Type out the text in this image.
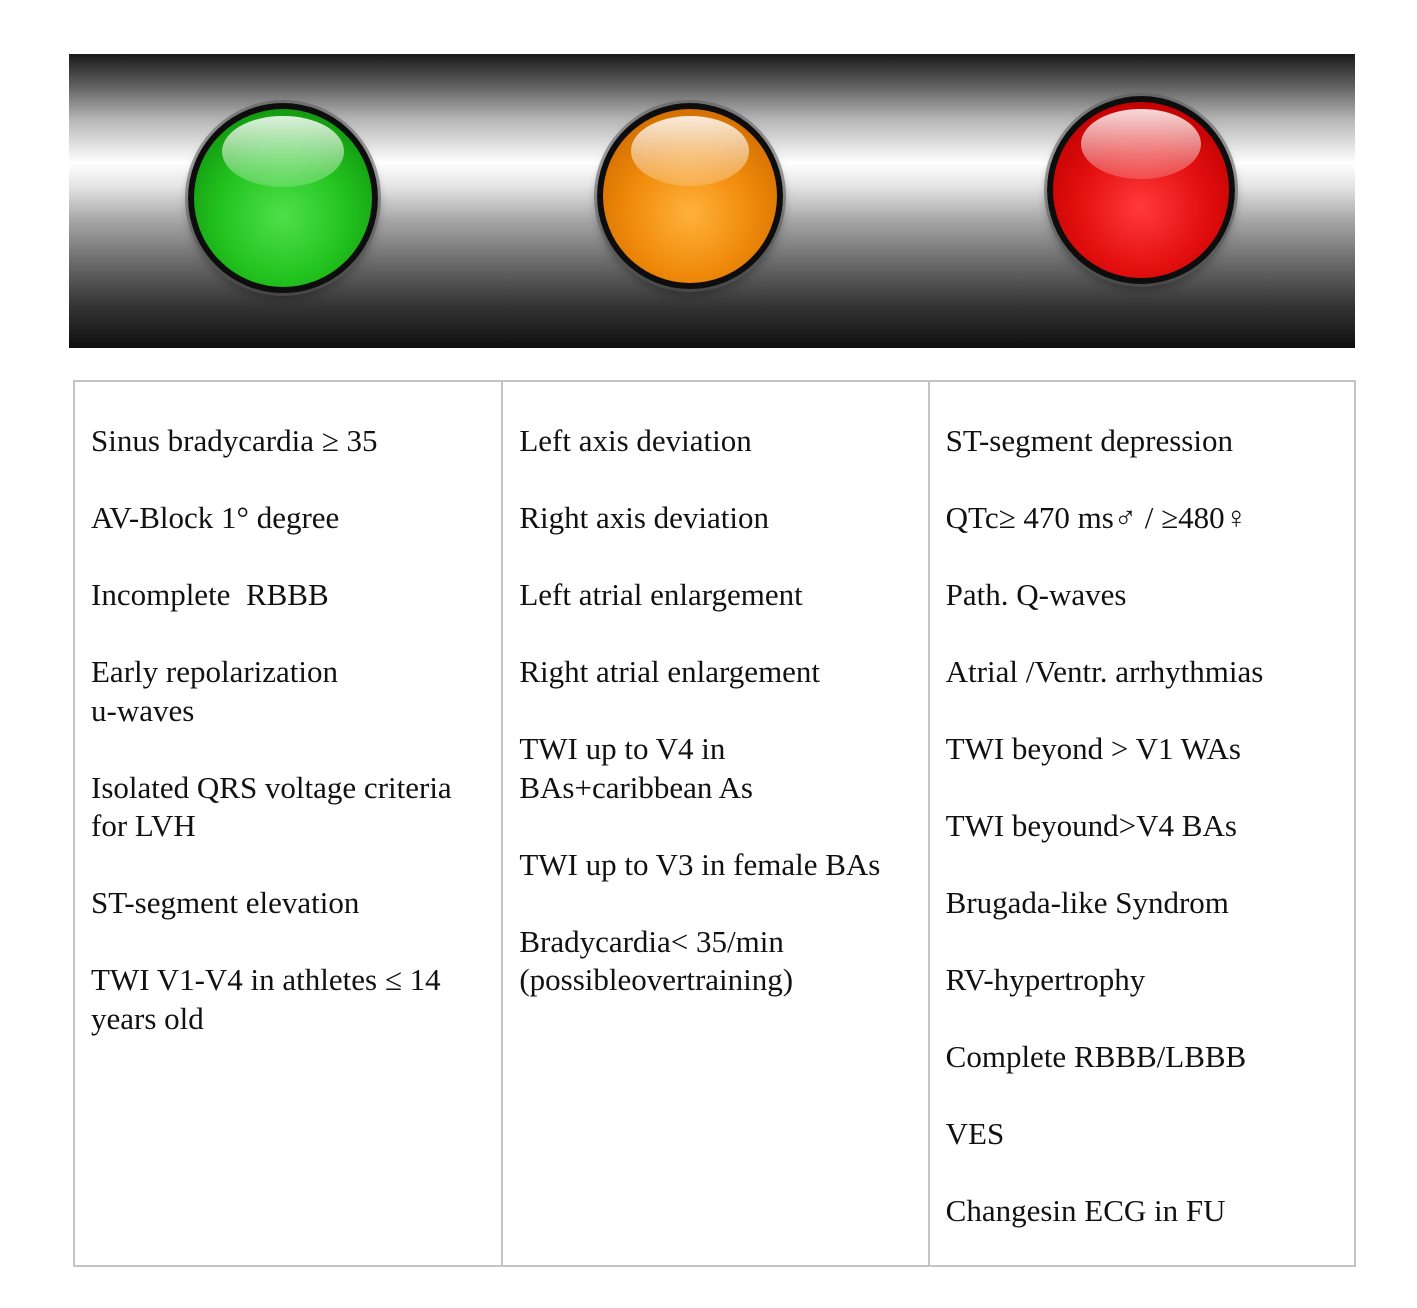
Sinus bradycardia ≥ 35
AV-Block 1° degree
Incomplete  RBBB
Early repolarization
u-waves
Isolated QRS voltage criteria
for LVH
ST-segment elevation
TWI V1-V4 in athletes ≤ 14
years old
Left axis deviation
Right axis deviation
Left atrial enlargement
Right atrial enlargement
TWI up to V4 in
BAs+caribbean As
TWI up to V3 in female BAs
Bradycardia< 35/min
(possibleovertraining)
ST-segment depression
QTc≥ 470 ms♂ / ≥480♀
Path. Q-waves
Atrial /Ventr. arrhythmias
TWI beyond > V1 WAs
TWI beyound>V4 BAs
Brugada-like Syndrom
RV-hypertrophy
Complete RBBB/LBBB
VES
Changesin ECG in FU
